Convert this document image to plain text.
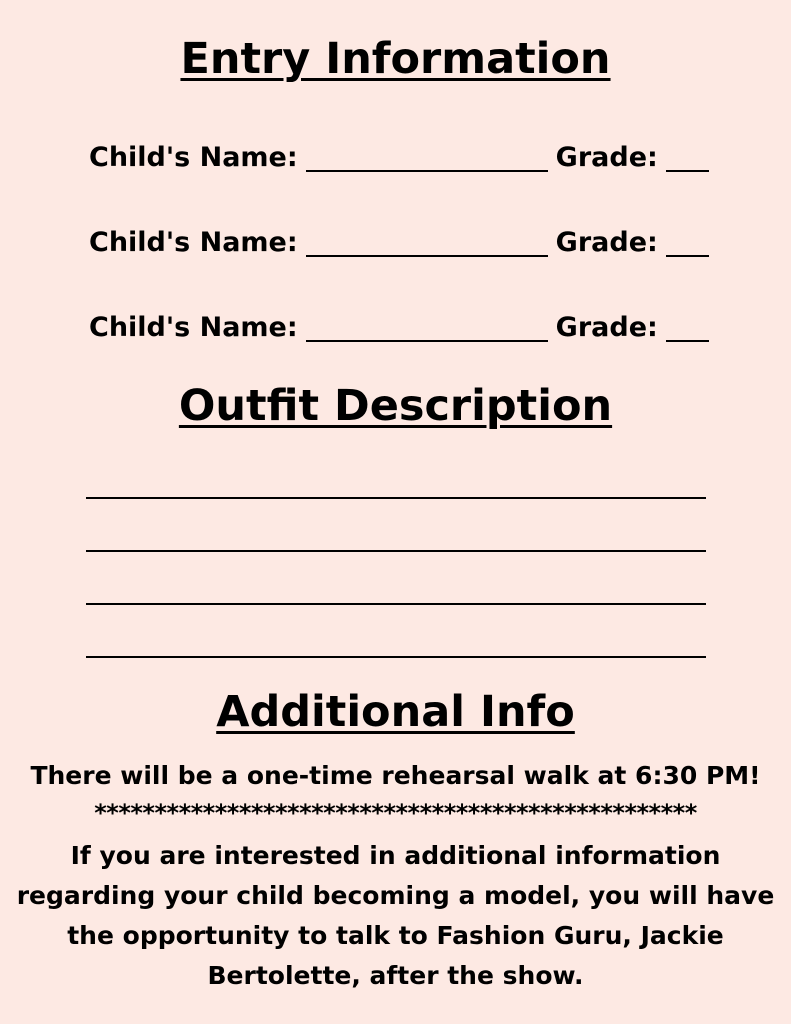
Entry Information
Child's Name:	Grade:
Child's Name:	Grade:
Child's Name:	Grade:
Outfit Description
Additional Info
There will be a one-time rehearsal walk at 6:30 PM!
**************************************************
If you are interested in additional information regarding your child becoming a model, you will have the opportunity to talk to Fashion Guru, Jackie Bertolette, after the show.
